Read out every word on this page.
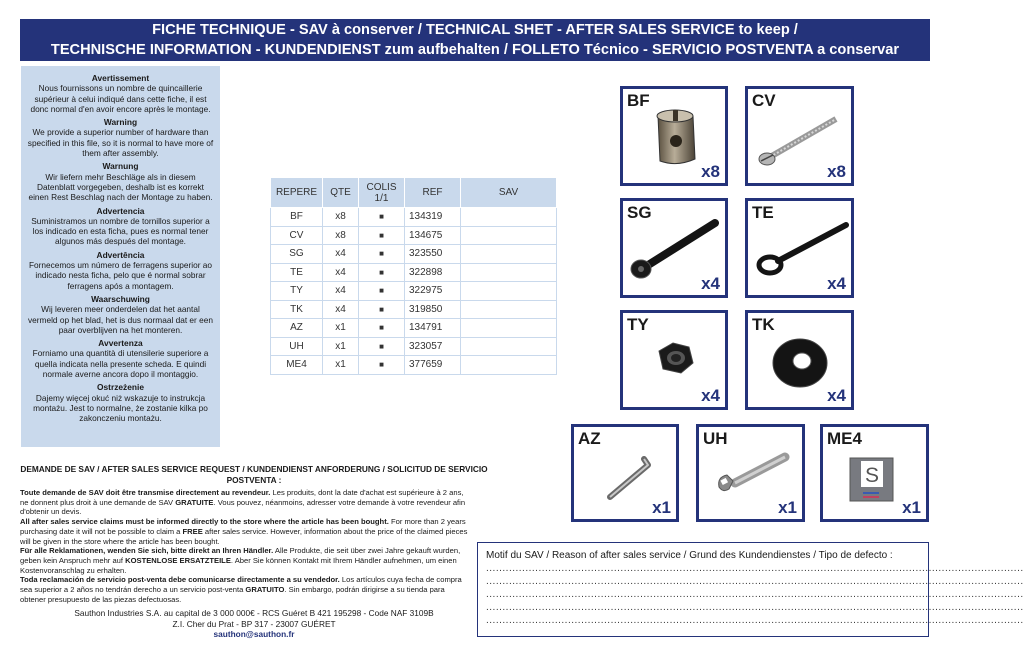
FICHE TECHNIQUE - SAV à conserver / TECHNICAL SHET - AFTER SALES SERVICE to keep /
TECHNISCHE INFORMATION - KUNDENDIENST zum aufbehalten / FOLLETO Técnico - SERVICIO POSTVENTA a conservar
Avertissement

Nous fournissons un nombre de quincaillerie supérieur à celui indiqué dans cette fiche, il est donc normal d'en avoir encore après le montage.

Warning

We provide a superior number of hardware than specified in this file, so it is normal to have more of them after assembly.

Warnung

Wir liefern mehr Beschläge als in diesem Datenblatt vorgegeben, deshalb ist es korrekt einen Rest Beschlag nach der Montage zu haben.

Advertencia

Suministramos un nombre de tornillos superior a los indicado en esta ficha, pues es normal tener algunos más después del montage.

Advertência

Fornecemos um número de ferragens superior ao indicado nesta ficha, pelo que é normal sobrar ferragens após a montagem.

Waarschuwing

Wij leveren meer onderdelen dat het aantal vermeld op het blad, het is dus normaal dat er een paar overblijven na het monteren.

Avvertenza

Forniamo una quantità di utensilerie superiore a quella indicata nella presente scheda. E quindi normale averne ancora dopo il montaggio.

Ostrzeżenie

Dajemy więcej okuć niż wskazuje to instrukcja montażu. Jest to normalne, że zostanie kilka po zakonczeniu montażu.

REPERE	QTE	COLIS 1/1	REF	SAV
BF	x8	■	134319	
CV	x8	■	134675	
SG	x4	■	323550	
TE	x4	■	322898	
TY	x4	■	322975	
TK	x4	■	319850	
AZ	x1	■	134791	
UH	x1	■	323057	
ME4	x1	■	377659	
BF
x8
CV
x8
SG
x4
TE
x4
TY
x4
TK
x4
AZ
x1
UH
x1
S
ME4
x1
DEMANDE DE SAV / AFTER SALES SERVICE REQUEST / KUNDENDIENST ANFORDERUNG / SOLICITUD DE SERVICIO POSTVENTA :
Toute demande de SAV doit être transmise directement au revendeur. Les produits, dont la date d'achat est supérieure à 2 ans, ne donnent plus droit à une demande de SAV GRATUITE. Vous pouvez, néanmoins, adresser votre demande à votre revendeur afin d'obtenir un devis.
All after sales service claims must be informed directly to the store where the article has been bought. For more than 2 years purchasing date it will not be possible to claim a FREE after sales service. However, information about the price of the claimed pieces will be given in the store where the article has been bought.
Für alle Reklamationen, wenden Sie sich, bitte direkt an Ihren Händler. Alle Produkte, die seit über zwei Jahre gekauft wurden, geben kein Anspruch mehr auf KOSTENLOSE ERSATZTEILE. Aber Sie können Kontakt mit Ihrem Händler aufnehmen, um einen Kostenvoranschlag zu erhalten.
Toda reclamación de servicio post-venta debe comunicarse directamente a su vendedor. Los artículos cuya fecha de compra sea superior a 2 años no tendrán derecho a un servicio post-venta GRATUITO. Sin embargo, podrán dirigirse a su tienda para obtener presupuesto de las piezas defectuosas.
Sauthon Industries S.A. au capital de 3 000 000€ - RCS Guéret B 421 195298 - Code NAF 3109B
Z.I. Cher du Prat - BP 317 - 23007 GUÉRET
sauthon@sauthon.fr
Motif du SAV / Reason of after sales service / Grund des Kundendienstes / Tipo de defecto :
....................................................................................................................................................................
....................................................................................................................................................................
....................................................................................................................................................................
....................................................................................................................................................................
....................................................................................................................................................................
